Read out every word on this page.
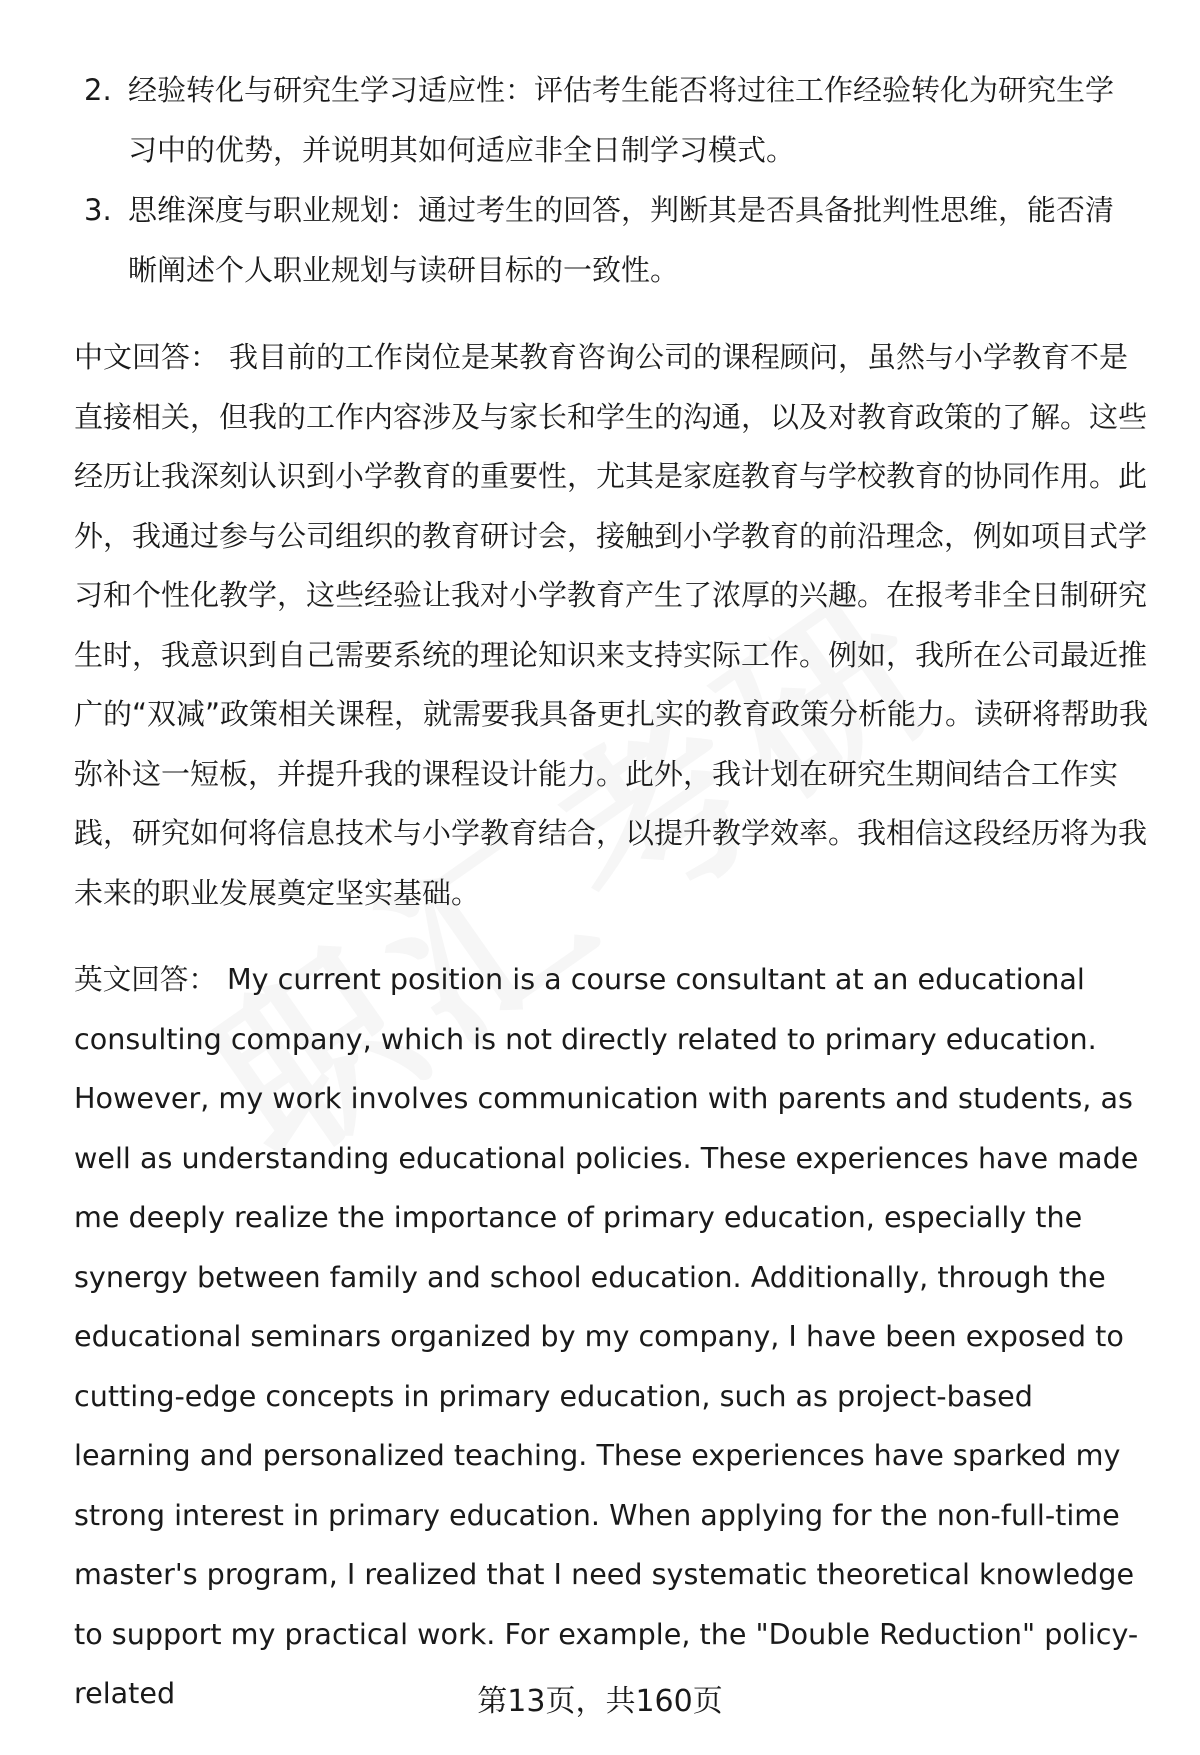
2. 经验转化与研究生学习适应性：评估考生能否将过往工作经验转化为研究生学习中的优势，并说明其如何适应非全日制学习模式。
3. 思维深度与职业规划：通过考生的回答，判断其是否具备批判性思维，能否清晰阐述个人职业规划与读研目标的一致性。
中文回答： 我目前的工作岗位是某教育咨询公司的课程顾问，虽然与小学教育不是直接相关，但我的工作内容涉及与家长和学生的沟通，以及对教育政策的了解。这些经历让我深刻认识到小学教育的重要性，尤其是家庭教育与学校教育的协同作用。此外，我通过参与公司组织的教育研讨会，接触到小学教育的前沿理念，例如项目式学习和个性化教学，这些经验让我对小学教育产生了浓厚的兴趣。在报考非全日制研究生时，我意识到自己需要系统的理论知识来支持实际工作。例如，我所在公司最近推广的“双减”政策相关课程，就需要我具备更扎实的教育政策分析能力。读研将帮助我弥补这一短板，并提升我的课程设计能力。此外，我计划在研究生期间结合工作实践，研究如何将信息技术与小学教育结合，以提升教学效率。我相信这段经历将为我未来的职业发展奠定坚实基础。
英文回答： My current position is a course consultant at an educational consulting company, which is not directly related to primary education. However, my work involves communication with parents and students, as well as understanding educational policies. These experiences have made me deeply realize the importance of primary education, especially the synergy between family and school education. Additionally, through the educational seminars organized by my company, I have been exposed to cutting-edge concepts in primary education, such as project-based learning and personalized teaching. These experiences have sparked my strong interest in primary education. When applying for the non-full-time master's program, I realized that I need systematic theoretical knowledge to support my practical work. For example, the "Double Reduction" policy-related	第13页，共160页
